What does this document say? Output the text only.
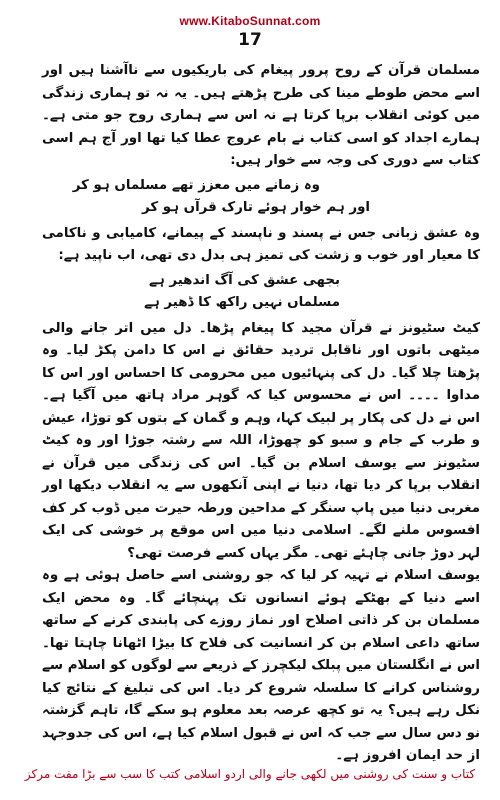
www.KitaboSunnat.com
17

مسلمان قرآن کے روح پرور پیغام کی باریکیوں سے ناآشنا ہیں اور اسے محض طوطے مینا کی طرح پڑھتے ہیں۔ یہ نہ تو ہماری زندگی میں کوئی انقلاب برپا کرتا ہے نہ اس سے ہماری روح جو متی ہے۔ ہمارے اجداد کو اسی کتاب نے بام عروج عطا کیا تھا اور آج ہم اسی کتاب سے دوری کی وجہ سے خوار ہیں:

وہ زمانے میں معزز تھے مسلماں ہو کر
اور ہم خوار ہوئے تارک قرآں ہو کر

وہ عشق زبانی جس نے پسند و ناپسند کے پیمانے، کامیابی و ناکامی کا معیار اور خوب و زشت کی تمیز ہی بدل دی تھی، اب ناپید ہے:

بجھی عشق کی آگ اندھیر ہے
مسلماں نہیں راکھ کا ڈھیر ہے

کیٹ سٹیونز نے قرآن مجید کا پیغام پڑھا۔ دل میں اتر جانے والی میٹھی باتوں اور ناقابل تردید حقائق نے اس کا دامن پکڑ لیا۔ وہ پڑھتا چلا گیا۔ دل کی پنہائیوں میں محرومی کا احساس اور اس کا مداوا ۔۔۔۔ اس نے محسوس کیا کہ گوہر مراد ہاتھ میں آگیا ہے۔ اس نے دل کی پکار پر لبیک کہا، وہم و گمان کے بتوں کو توڑا، عیش و طرب کے جام و سبو کو چھوڑا، اللہ سے رشتہ جوڑا اور وہ کیٹ سٹیونز سے یوسف اسلام بن گیا۔ اس کی زندگی میں قرآن نے انقلاب برپا کر دیا تھا، دنیا نے اپنی آنکھوں سے یہ انقلاب دیکھا اور مغربی دنیا میں پاپ سنگر کے مداحین ورطہ حیرت میں ڈوب کر کف افسوس ملنے لگے۔ اسلامی دنیا میں اس موقع پر خوشی کی ایک لہر دوڑ جانی چاہئے تھی۔ مگر یہاں کسے فرصت تھی؟

یوسف اسلام نے تہیہ کر لیا کہ جو روشنی اسے حاصل ہوئی ہے وہ اسے دنیا کے بھٹکے ہوئے انسانوں تک پہنچائے گا۔ وہ محض ایک مسلمان بن کر ذاتی اصلاح اور نماز روزے کی پابندی کرنے کے ساتھ ساتھ داعی اسلام بن کر انسانیت کی فلاح کا بیڑا اٹھانا چاہتا تھا۔ اس نے انگلستان میں پبلک لیکچرز کے ذریعے سے لوگوں کو اسلام سے روشناس کرانے کا سلسلہ شروع کر دیا۔ اس کی تبلیغ کے نتائج کیا نکل رہے ہیں؟ یہ تو کچھ عرصہ بعد معلوم ہو سکے گا، تاہم گزشتہ نو دس سال سے جب کہ اس نے قبول اسلام کیا ہے، اس کی جدوجہد از حد ایمان افروز ہے۔

کتاب و سنت کی روشنی میں لکھی جانے والی اردو اسلامی کتب کا سب سے بڑا مفت مرکز
